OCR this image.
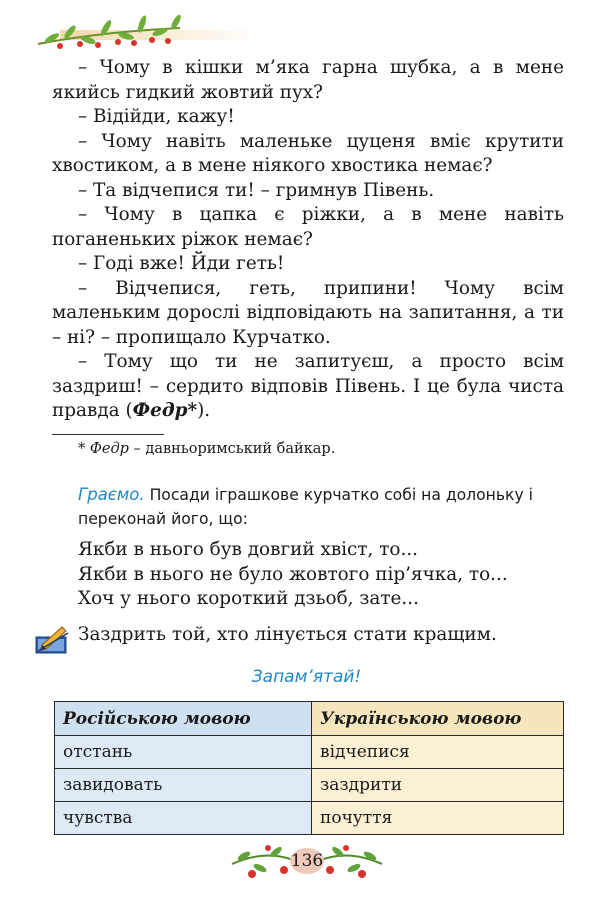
– Чому в кішки м’яка гарна шубка, а в мене якийсь гидкий жовтий пух?

– Відійди, кажу!

– Чому навіть маленьке цуценя вміє крутити хвостиком, а в мене ніякого хвостика немає?

– Та відчепися ти! – гримнув Півень.

– Чому в цапка є ріжки, а в мене навіть поганеньких ріжок немає?

– Годі вже! Йди геть!

– Відчепися, геть, припини! Чому всім маленьким дорослі відповідають на запитання, а ти – ні? – пропищало Курчатко.

– Тому що ти не запитуєш, а просто всім заздриш! – сердито відповів Півень. І це була чиста правда (Федр*).

* Федр – давньоримський байкар.
Граємо. Посади іграшкове курчатко собі на долоньку і переконай його, що:
Якби в нього був довгий хвіст, то...
Якби в нього не було жовтого пір’ячка, то...
Хоч у нього короткий дзьоб, зате...
Заздрить той, хто лінується стати кращим.
Запам’ятай!
Російською мовою	Українською мовою
отстань	відчепися
завидовать	заздрити
чувства	почуття
136
